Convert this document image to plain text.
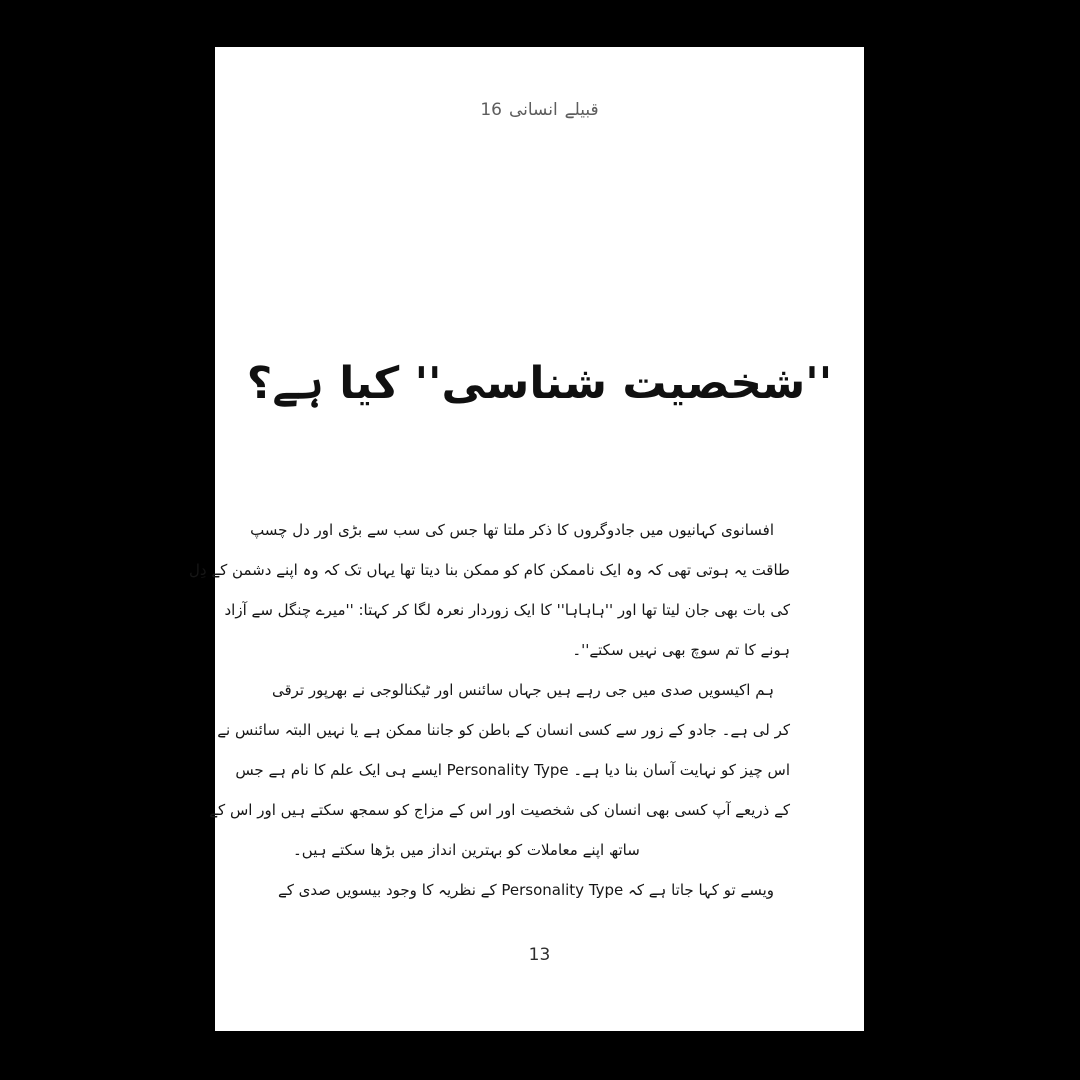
16 انسانی قبیلے
''شخصیت شناسی'' کیا ہے؟
افسانوی کہانیوں میں جادوگروں کا ذکر ملتا تھا جس کی سب سے بڑی اور دل چسپ
طاقت یہ ہوتی تھی کہ وہ ایک ناممکن کام کو ممکن بنا دیتا تھا یہاں تک کہ وہ اپنے دشمن کے دِل
کی بات بھی جان لیتا تھا اور ''ہاہاہا'' کا ایک زوردار نعرہ لگا کر کہتا: ''میرے چنگل سے آزاد
ہونے کا تم سوچ بھی نہیں سکتے''۔
ہم اکیسویں صدی میں جی رہے ہیں جہاں سائنس اور ٹیکنالوجی نے بھرپور ترقی
کر لی ہے۔ جادو کے زور سے کسی انسان کے باطن کو جاننا ممکن ہے یا نہیں البتہ سائنس نے
اس چیز کو نہایت آسان بنا دیا ہے۔ Personality Type ایسے ہی ایک علم کا نام ہے جس
کے ذریعے آپ کسی بھی انسان کی شخصیت اور اس کے مزاج کو سمجھ سکتے ہیں اور اس کے
ساتھ اپنے معاملات کو بہترین انداز میں بڑھا سکتے ہیں۔
ویسے تو کہا جاتا ہے کہ Personality Type کے نظریہ کا وجود بیسویں صدی کے
13
